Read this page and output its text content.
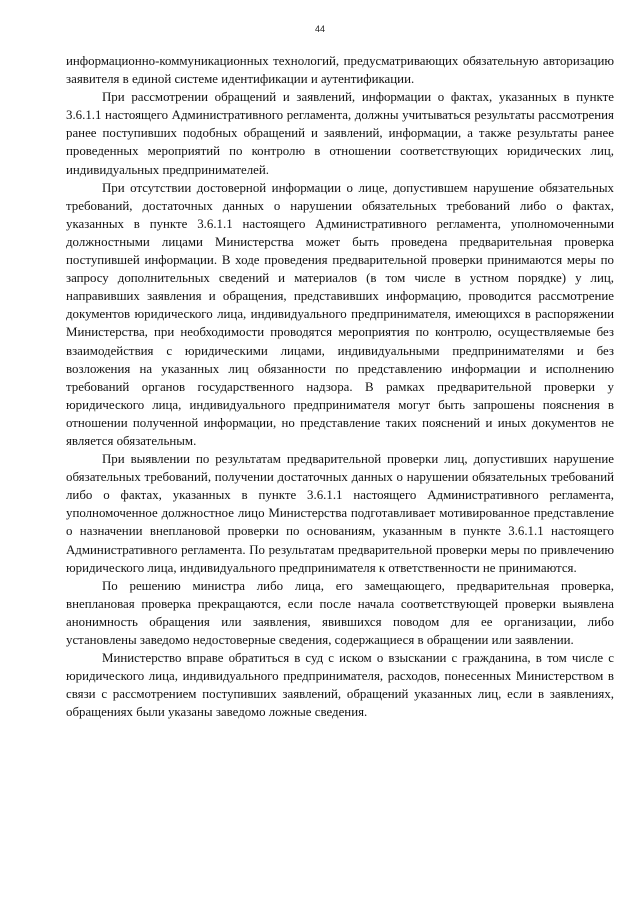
44

информационно-коммуникационных технологий, предусматривающих обязательную авторизацию заявителя в единой системе идентификации и аутентификации.

При рассмотрении обращений и заявлений, информации о фактах, указанных в пункте 3.6.1.1 настоящего Административного регламента, должны учитываться результаты рассмотрения ранее поступивших подобных обращений и заявлений, информации, а также результаты ранее проведенных мероприятий по контролю в отношении соответствующих юридических лиц, индивидуальных предпринимателей.

При отсутствии достоверной информации о лице, допустившем нарушение обязательных требований, достаточных данных о нарушении обязательных требований либо о фактах, указанных в пункте 3.6.1.1 настоящего Административного регламента, уполномоченными должностными лицами Министерства может быть проведена предварительная проверка поступившей информации. В ходе проведения предварительной проверки принимаются меры по запросу дополнительных сведений и материалов (в том числе в устном порядке) у лиц, направивших заявления и обращения, представивших информацию, проводится рассмотрение документов юридического лица, индивидуального предпринимателя, имеющихся в распоряжении Министерства, при необходимости проводятся мероприятия по контролю, осуществляемые без взаимодействия с юридическими лицами, индивидуальными предпринимателями и без возложения на указанных лиц обязанности по представлению информации и исполнению требований органов государственного надзора. В рамках предварительной проверки у юридического лица, индивидуального предпринимателя могут быть запрошены пояснения в отношении полученной информации, но представление таких пояснений и иных документов не является обязательным.

При выявлении по результатам предварительной проверки лиц, допустивших нарушение обязательных требований, получении достаточных данных о нарушении обязательных требований либо о фактах, указанных в пункте 3.6.1.1 настоящего Административного регламента, уполномоченное должностное лицо Министерства подготавливает мотивированное представление о назначении внеплановой проверки по основаниям, указанным в пункте 3.6.1.1 настоящего Административного регламента. По результатам предварительной проверки меры по привлечению юридического лица, индивидуального предпринимателя к ответственности не принимаются.

По решению министра либо лица, его замещающего, предварительная проверка, внеплановая проверка прекращаются, если после начала соответствующей проверки выявлена анонимность обращения или заявления, явившихся поводом для ее организации, либо установлены заведомо недостоверные сведения, содержащиеся в обращении или заявлении.

Министерство вправе обратиться в суд с иском о взыскании с гражданина, в том числе с юридического лица, индивидуального предпринимателя, расходов, понесенных Министерством в связи с рассмотрением поступивших заявлений, обращений указанных лиц, если в заявлениях, обращениях были указаны заведомо ложные сведения.
